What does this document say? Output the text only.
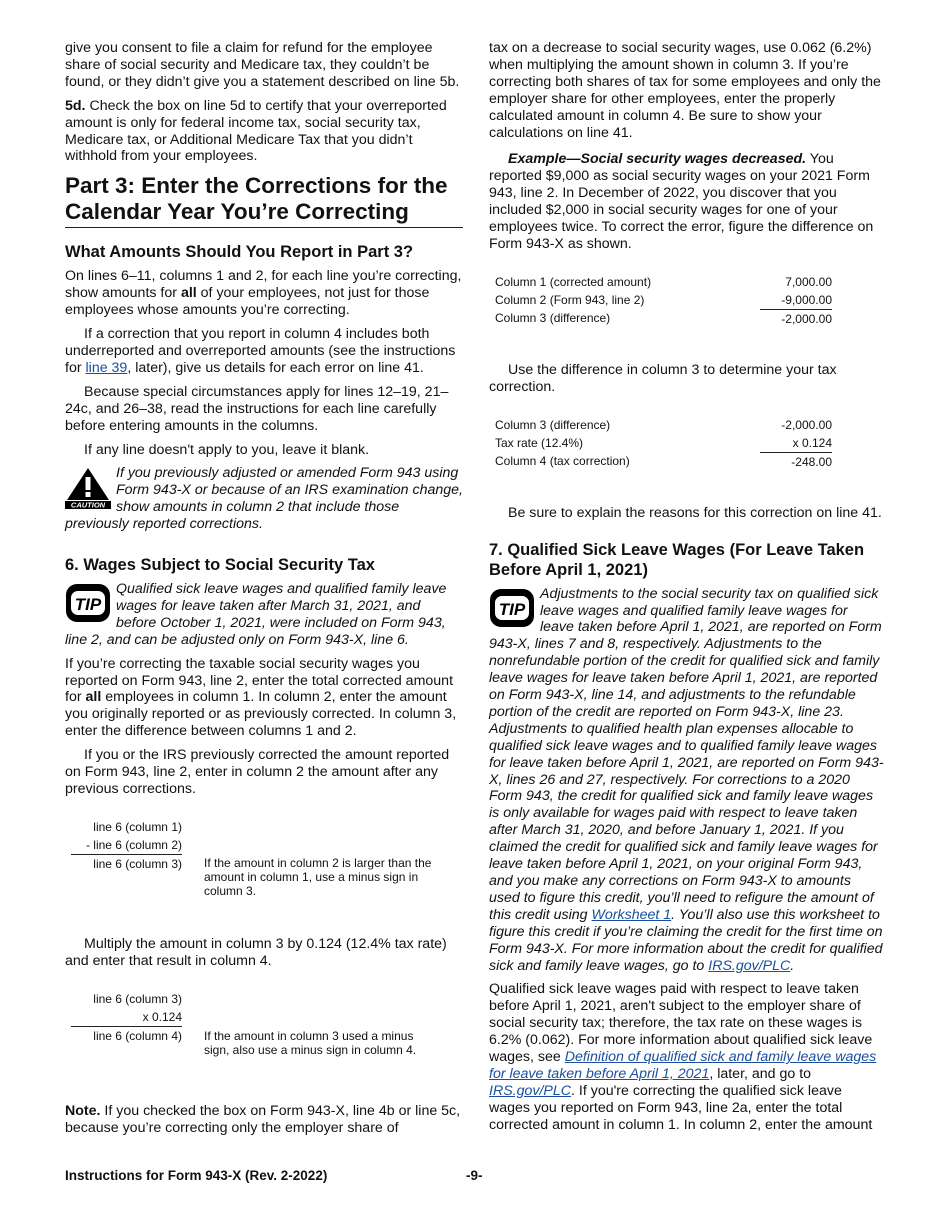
give you consent to file a claim for refund for the employee share of social security and Medicare tax, they couldn’t be found, or they didn’t give you a statement described on line 5b.

5d. Check the box on line 5d to certify that your overreported amount is only for federal income tax, social security tax, Medicare tax, or Additional Medicare Tax that you didn’t withhold from your employees.

Part 3: Enter the Corrections for the Calendar Year You’re Correcting
What Amounts Should You Report in Part 3?

On lines 6–11, columns 1 and 2, for each line you’re correcting, show amounts for all of your employees, not just for those employees whose amounts you’re correcting.

If a correction that you report in column 4 includes both underreported and overreported amounts (see the instructions for line 39, later), give us details for each error on line 41.

Because special circumstances apply for lines 12–19, 21–24c, and 26–38, read the instructions for each line carefully before entering amounts in the columns.

If any line doesn't apply to you, leave it blank.

CAUTION
If you previously adjusted or amended Form 943 using Form 943-X or because of an IRS examination change, show amounts in column 2 that include those previously reported corrections.
6. Wages Subject to Social Security Tax
TIP
Qualified sick leave wages and qualified family leave wages for leave taken after March 31, 2021, and before October 1, 2021, were included on Form 943, line 2, and can be adjusted only on Form 943-X, line 6.

If you’re correcting the taxable social security wages you reported on Form 943, line 2, enter the total corrected amount for all employees in column 1. In column 2, enter the amount you originally reported or as previously corrected. In column 3, enter the difference between columns 1 and 2.

If you or the IRS previously corrected the amount reported on Form 943, line 2, enter in column 2 the amount after any previous corrections.

line 6 (column 1)	
- line 6 (column 2)	
line 6 (column 3)	If the amount in column 2 is larger than the amount in column 1, use a minus sign in column 3.

Multiply the amount in column 3 by 0.124 (12.4% tax rate) and enter that result in column 4.

line 6 (column 3)	
x 0.124	
line 6 (column 4)	If the amount in column 3 used a minus sign, also use a minus sign in column 4.

Note. If you checked the box on Form 943-X, line 4b or line 5c, because you’re correcting only the employer share of

tax on a decrease to social security wages, use 0.062 (6.2%) when multiplying the amount shown in column 3. If you’re correcting both shares of tax for some employees and only the employer share for other employees, enter the properly calculated amount in column 4. Be sure to show your calculations on line 41.

Example—Social security wages decreased. You reported $9,000 as social security wages on your 2021 Form 943, line 2. In December of 2022, you discover that you included $2,000 in social security wages for one of your employees twice. To correct the error, figure the difference on Form 943-X as shown.

Column 1 (corrected amount)	7,000.00
Column 2 (Form 943, line 2)	-9,000.00
Column 3 (difference)	-2,000.00

Use the difference in column 3 to determine your tax correction.

Column 3 (difference)	-2,000.00
Tax rate (12.4%)	x 0.124
Column 4 (tax correction)	-248.00

Be sure to explain the reasons for this correction on line 41.

7. Qualified Sick Leave Wages (For Leave Taken Before April 1, 2021)
TIP
Adjustments to the social security tax on qualified sick leave wages and qualified family leave wages for leave taken before April 1, 2021, are reported on Form 943-X, lines 7 and 8, respectively. Adjustments to the nonrefundable portion of the credit for qualified sick and family leave wages for leave taken before April 1, 2021, are reported on Form 943-X, line 14, and adjustments to the refundable portion of the credit are reported on Form 943-X, line 23. Adjustments to qualified health plan expenses allocable to qualified sick leave wages and to qualified family leave wages for leave taken before April 1, 2021, are reported on Form 943-X, lines 26 and 27, respectively. For corrections to a 2020 Form 943, the credit for qualified sick and family leave wages is only available for wages paid with respect to leave taken after March 31, 2020, and before January 1, 2021. If you claimed the credit for qualified sick and family leave wages for leave taken before April 1, 2021, on your original Form 943, and you make any corrections on Form 943-X to amounts used to figure this credit, you’ll need to refigure the amount of this credit using Worksheet 1. You’ll also use this worksheet to figure this credit if you’re claiming the credit for the first time on Form 943-X. For more information about the credit for qualified sick and family leave wages, go to IRS.gov/PLC.

Qualified sick leave wages paid with respect to leave taken before April 1, 2021, aren't subject to the employer share of social security tax; therefore, the tax rate on these wages is 6.2% (0.062). For more information about qualified sick leave wages, see Definition of qualified sick and family leave wages for leave taken before April 1, 2021, later, and go to IRS.gov/PLC. If you're correcting the qualified sick leave wages you reported on Form 943, line 2a, enter the total corrected amount in column 1. In column 2, enter the amount

Instructions for Form 943-X (Rev. 2-2022)	-9-
